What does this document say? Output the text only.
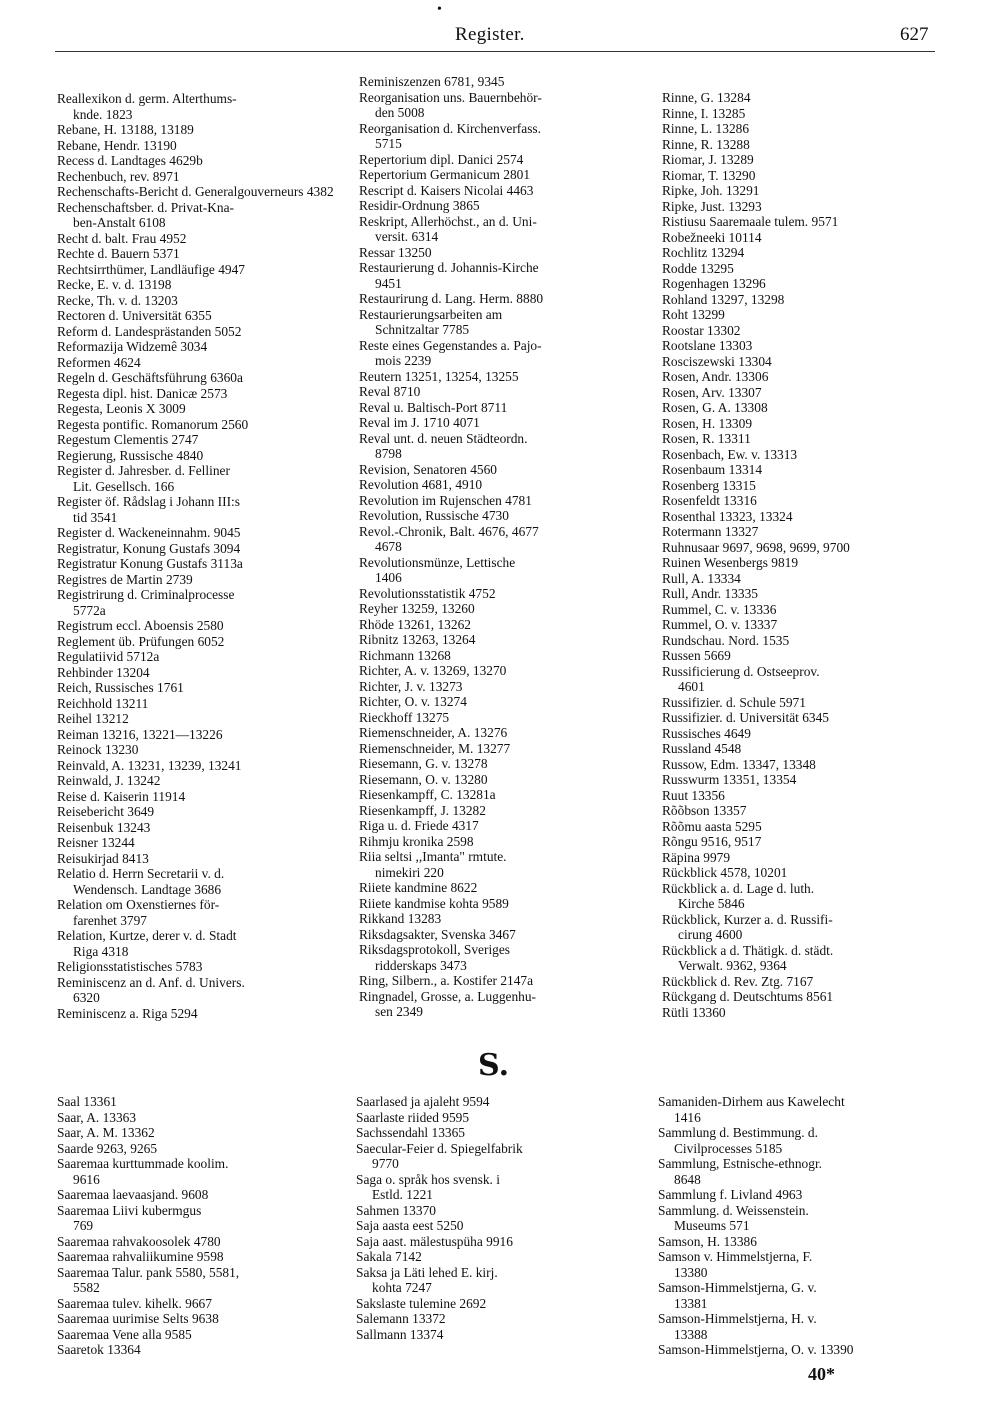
•
Register.	627
Reallexikon d. germ. Alterthums-
knde. 1823
Rebane, H. 13188, 13189
Rebane, Hendr. 13190
Recess d. Landtages 4629b
Rechenbuch, rev. 8971
Rechenschafts-Bericht d. Generalgouverneurs 4382
Rechenschaftsber. d. Privat-Kna-
ben-Anstalt 6108
Recht d. balt. Frau 4952
Rechte d. Bauern 5371
Rechtsirrthümer, Landläufige 4947
Recke, E. v. d. 13198
Recke, Th. v. d. 13203
Rectoren d. Universität 6355
Reform d. Landesprästanden 5052
Reformazija Widzemê 3034
Reformen 4624
Regeln d. Geschäftsführung 6360a
Regesta dipl. hist. Danicæ 2573
Regesta, Leonis X 3009
Regesta pontific. Romanorum 2560
Regestum Clementis 2747
Regierung, Russische 4840
Register d. Jahresber. d. Felliner
Lit. Gesellsch. 166
Register öf. Rådslag i Johann III:s
tid 3541
Register d. Wackeneinnahm. 9045
Registratur, Konung Gustafs 3094
Registratur Konung Gustafs 3113a
Registres de Martin 2739
Registrirung d. Criminalprocesse
5772a
Registrum eccl. Aboensis 2580
Reglement üb. Prüfungen 6052
Regulatiivid 5712a
Rehbinder 13204
Reich, Russisches 1761
Reichhold 13211
Reihel 13212
Reiman 13216, 13221—13226
Reinock 13230
Reinvald, A. 13231, 13239, 13241
Reinwald, J. 13242
Reise d. Kaiserin 11914
Reisebericht 3649
Reisenbuk 13243
Reisner 13244
Reisukirjad 8413
Relatio d. Herrn Secretarii v. d.
Wendensch. Landtage 3686
Relation om Oxenstiernes för-
farenhet 3797
Relation, Kurtze, derer v. d. Stadt
Riga 4318
Religionsstatistisches 5783
Reminiscenz an d. Anf. d. Univers.
6320
Reminiscenz a. Riga 5294
Reminiszenzen 6781, 9345
Reorganisation uns. Bauernbehör-
den 5008
Reorganisation d. Kirchenverfass.
5715
Repertorium dipl. Danici 2574
Repertorium Germanicum 2801
Rescript d. Kaisers Nicolai 4463
Residir-Ordnung 3865
Reskript, Allerhöchst., an d. Uni-
versit. 6314
Ressar 13250
Restaurierung d. Johannis-Kirche
9451
Restaurirung d. Lang. Herm. 8880
Restaurierungsarbeiten am
Schnitzaltar 7785
Reste eines Gegenstandes a. Pajo-
mois 2239
Reutern 13251, 13254, 13255
Reval 8710
Reval u. Baltisch-Port 8711
Reval im J. 1710 4071
Reval unt. d. neuen Städteordn.
8798
Revision, Senatoren 4560
Revolution 4681, 4910
Revolution im Rujenschen 4781
Revolution, Russische 4730
Revol.-Chronik, Balt. 4676, 4677
4678
Revolutionsmünze, Lettische
1406
Revolutionsstatistik 4752
Reyher 13259, 13260
Rhöde 13261, 13262
Ribnitz 13263, 13264
Richmann 13268
Richter, A. v. 13269, 13270
Richter, J. v. 13273
Richter, O. v. 13274
Rieckhoff 13275
Riemenschneider, A. 13276
Riemenschneider, M. 13277
Riesemann, G. v. 13278
Riesemann, O. v. 13280
Riesenkampff, C. 13281a
Riesenkampff, J. 13282
Riga u. d. Friede 4317
Rihmju kronika 2598
Riia seltsi ,,Imanta" rmtute.
nimekiri 220
Riiete kandmine 8622
Riiete kandmise kohta 9589
Rikkand 13283
Riksdagsakter, Svenska 3467
Riksdagsprotokoll, Sveriges
ridderskaps 3473
Ring, Silbern., a. Kostifer 2147a
Ringnadel, Grosse, a. Luggenhu-
sen 2349
Rinne, G. 13284
Rinne, I. 13285
Rinne, L. 13286
Rinne, R. 13288
Riomar, J. 13289
Riomar, T. 13290
Ripke, Joh. 13291
Ripke, Just. 13293
Ristiusu Saaremaale tulem. 9571
Robežneeki 10114
Rochlitz 13294
Rodde 13295
Rogenhagen 13296
Rohland 13297, 13298
Roht 13299
Roostar 13302
Rootslane 13303
Rosciszewski 13304
Rosen, Andr. 13306
Rosen, Arv. 13307
Rosen, G. A. 13308
Rosen, H. 13309
Rosen, R. 13311
Rosenbach, Ew. v. 13313
Rosenbaum 13314
Rosenberg 13315
Rosenfeldt 13316
Rosenthal 13323, 13324
Rotermann 13327
Ruhnusaar 9697, 9698, 9699, 9700
Ruinen Wesenbergs 9819
Rull, A. 13334
Rull, Andr. 13335
Rummel, C. v. 13336
Rummel, O. v. 13337
Rundschau. Nord. 1535
Russen 5669
Russificierung d. Ostseeprov.
4601
Russifizier. d. Schule 5971
Russifizier. d. Universität 6345
Russisches 4649
Russland 4548
Russow, Edm. 13347, 13348
Russwurm 13351, 13354
Ruut 13356
Rõõbson 13357
Rõõmu aasta 5295
Rõngu 9516, 9517
Räpina 9979
Rückblick 4578, 10201
Rückblick a. d. Lage d. luth.
Kirche 5846
Rückblick, Kurzer a. d. Russifi-
cirung 4600
Rückblick a d. Thätigk. d. städt.
Verwalt. 9362, 9364
Rückblick d. Rev. Ztg. 7167
Rückgang d. Deutschtums 8561
Rütli 13360
S.
Saal 13361
Saar, A. 13363
Saar, A. M. 13362
Saarde 9263, 9265
Saaremaa kurttummade koolim.
9616
Saaremaa laevaasjand. 9608
Saaremaa Liivi kubermgus
769
Saaremaa rahvakoosolek 4780
Saaremaa rahvaliikumine 9598
Saaremaa Talur. pank 5580, 5581,
5582
Saaremaa tulev. kihelk. 9667
Saaremaa uurimise Selts 9638
Saaremaa Vene alla 9585
Saaretok 13364
Saarlased ja ajaleht 9594
Saarlaste riided 9595
Sachssendahl 13365
Saecular-Feier d. Spiegelfabrik
9770
Saga o. språk hos svensk. i
Estld. 1221
Sahmen 13370
Saja aasta eest 5250
Saja aast. mälestuspüha 9916
Sakala 7142
Saksa ja Läti lehed E. kirj.
kohta 7247
Sakslaste tulemine 2692
Salemann 13372
Sallmann 13374
Samaniden-Dirhem aus Kawelecht
1416
Sammlung d. Bestimmung. d.
Civilprocesses 5185
Sammlung, Estnische-ethnogr.
8648
Sammlung f. Livland 4963
Sammlung. d. Weissenstein.
Museums 571
Samson, H. 13386
Samson v. Himmelstjerna, F.
13380
Samson-Himmelstjerna, G. v.
13381
Samson-Himmelstjerna, H. v.
13388
Samson-Himmelstjerna, O. v. 13390
40*
